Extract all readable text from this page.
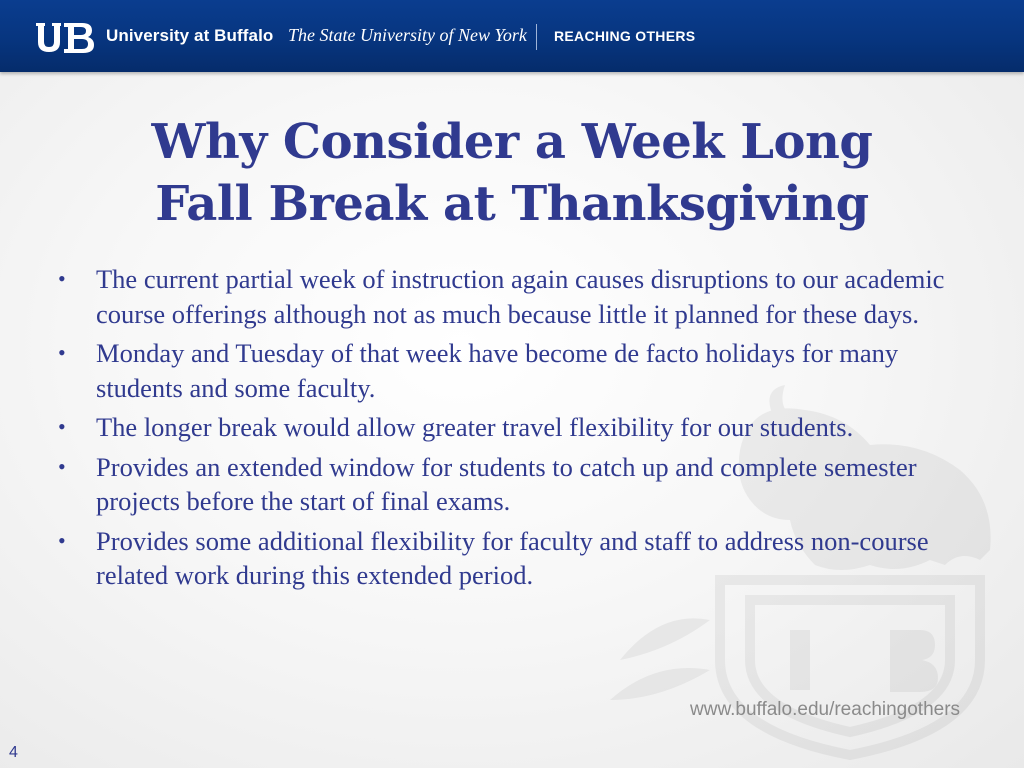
University at Buffalo The State University of New York REACHING OTHERS
Why Consider a Week Long
Fall Break at Thanksgiving
•	The current partial week of instruction again causes disruptions to our academic course offerings although not as much because little it planned for these days.
•	Monday and Tuesday of that week have become de facto holidays for many students and some faculty.
•	The longer break would allow greater travel flexibility for our students.
•	Provides an extended window for students to catch up and complete semester projects before the start of final exams.
•	Provides some additional flexibility for faculty and staff to address non-course related work during this extended period.
www.buffalo.edu/reachingothers
4
